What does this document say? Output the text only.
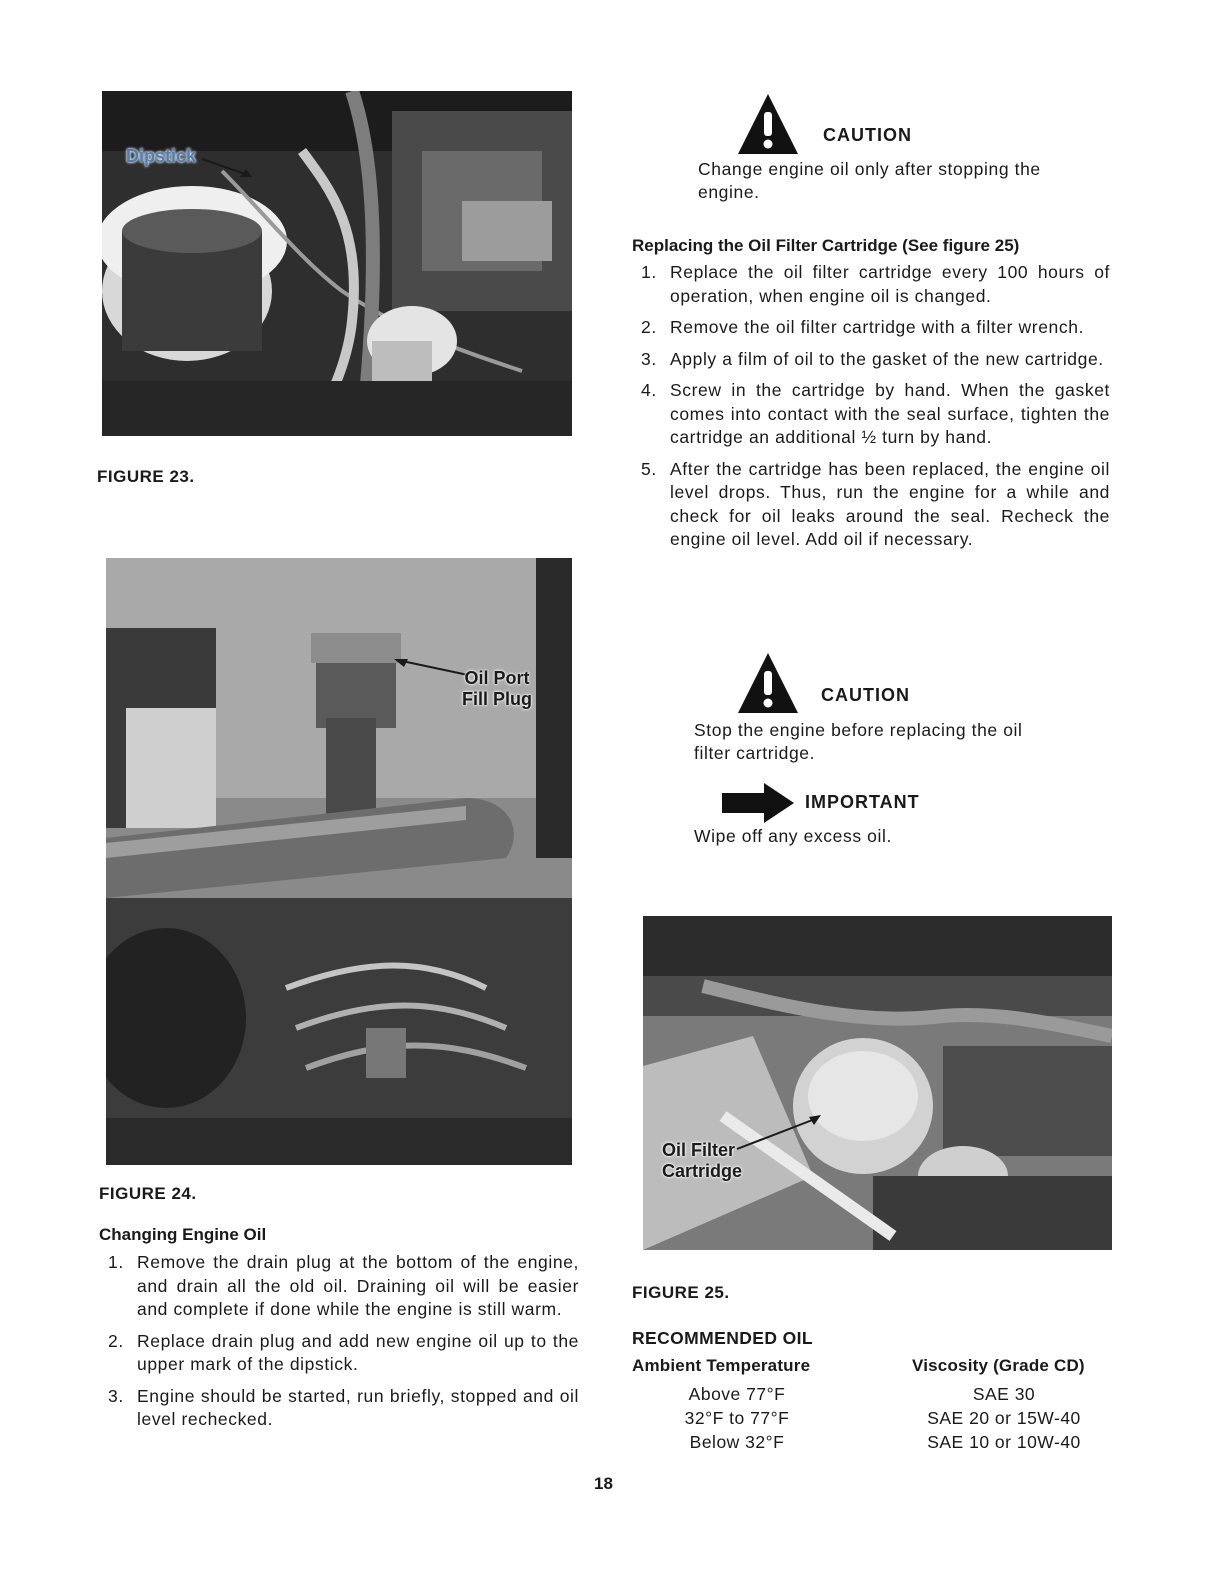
Dipstick
FIGURE 23.
Oil Port
Fill Plug
FIGURE 24.
Changing Engine Oil
1. Remove the drain plug at the bottom of the engine, and drain all the old oil. Draining oil will be easier and complete if done while the engine is still warm.
2. Replace drain plug and add new engine oil up to the upper mark of the dipstick.
3. Engine should be started, run briefly, stopped and oil level rechecked.
CAUTION
Change engine oil only after stopping the engine.
Replacing the Oil Filter Cartridge (See figure 25)
1. Replace the oil filter cartridge every 100 hours of operation, when engine oil is changed.
2. Remove the oil filter cartridge with a filter wrench.
3. Apply a film of oil to the gasket of the new cartridge.
4. Screw in the cartridge by hand. When the gasket comes into contact with the seal surface, tighten the cartridge an additional ½ turn by hand.
5. After the cartridge has been replaced, the engine oil level drops. Thus, run the engine for a while and check for oil leaks around the seal. Recheck the engine oil level. Add oil if necessary.
CAUTION
Stop the engine before replacing the oil filter cartridge.
IMPORTANT
Wipe off any excess oil.
Oil Filter
Cartridge
FIGURE 25.
RECOMMENDED OIL
Ambient Temperature
Above 77°F
32°F to 77°F
Below 32°F
Viscosity (Grade CD)
SAE 30
SAE 20 or 15W-40
SAE 10 or 10W-40
18
